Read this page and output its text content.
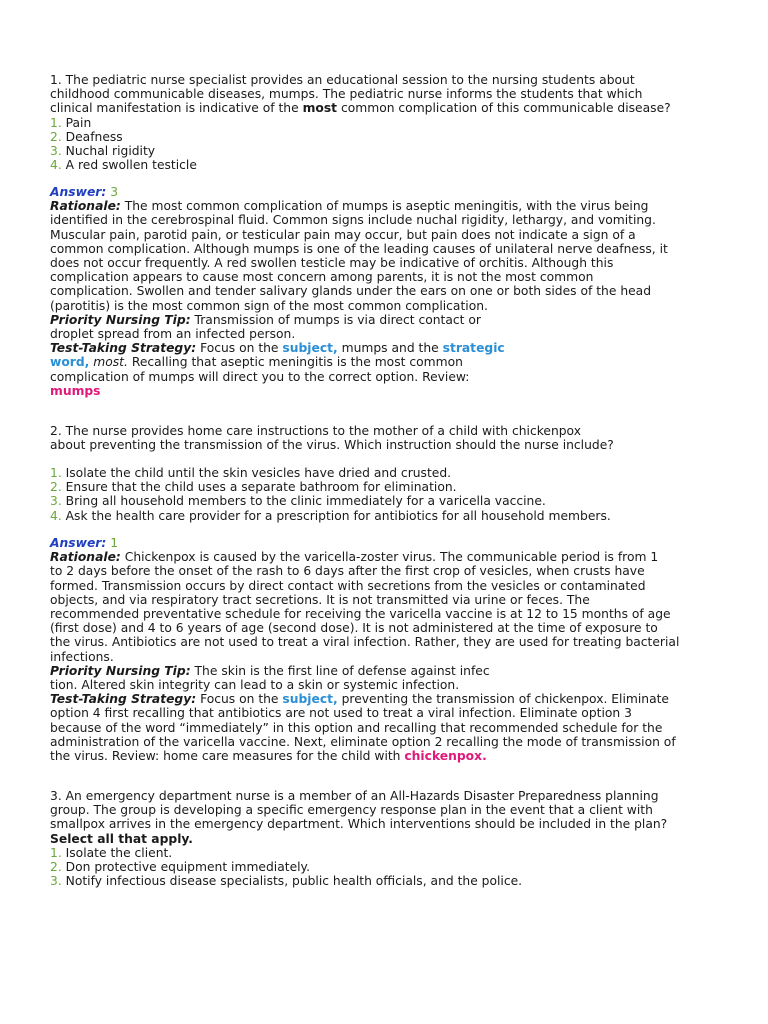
1. The pediatric nurse specialist provides an educational session to the nursing students about

childhood communicable diseases, mumps. The pediatric nurse informs the students that which

clinical manifestation is indicative of the most common complication of this communicable disease?

1. Pain

2. Deafness

3. Nuchal rigidity

4. A red swollen testicle

Answer: 3

Rationale: The most common complication of mumps is aseptic meningitis, with the virus being

identified in the cerebrospinal fluid. Common signs include nuchal rigidity, lethargy, and vomiting.

Muscular pain, parotid pain, or testicular pain may occur, but pain does not indicate a sign of a

common complication. Although mumps is one of the leading causes of unilateral nerve deafness, it

does not occur frequently. A red swollen testicle may be indicative of orchitis. Although this

complication appears to cause most concern among parents, it is not the most common

complication. Swollen and tender salivary glands under the ears on one or both sides of the head

(parotitis) is the most common sign of the most common complication.

Priority Nursing Tip: Transmission of mumps is via direct contact or

droplet spread from an infected person.

Test-Taking Strategy: Focus on the subject, mumps and the strategic

word, most. Recalling that aseptic meningitis is the most common

complication of mumps will direct you to the correct option. Review:

mumps

2. The nurse provides home care instructions to the mother of a child with chickenpox

about preventing the transmission of the virus. Which instruction should the nurse include?

1. Isolate the child until the skin vesicles have dried and crusted.

2. Ensure that the child uses a separate bathroom for elimination.

3. Bring all household members to the clinic immediately for a varicella vaccine.

4. Ask the health care provider for a prescription for antibiotics for all household members.

Answer: 1

Rationale: Chickenpox is caused by the varicella-zoster virus. The communicable period is from 1

to 2 days before the onset of the rash to 6 days after the first crop of vesicles, when crusts have

formed. Transmission occurs by direct contact with secretions from the vesicles or contaminated

objects, and via respiratory tract secretions. It is not transmitted via urine or feces. The

recommended preventative schedule for receiving the varicella vaccine is at 12 to 15 months of age

(first dose) and 4 to 6 years of age (second dose). It is not administered at the time of exposure to

the virus. Antibiotics are not used to treat a viral infection. Rather, they are used for treating bacterial

infections.

Priority Nursing Tip: The skin is the first line of defense against infec

tion. Altered skin integrity can lead to a skin or systemic infection.

Test-Taking Strategy: Focus on the subject, preventing the transmission of chickenpox. Eliminate

option 4 first recalling that antibiotics are not used to treat a viral infection. Eliminate option 3

because of the word “immediately” in this option and recalling that recommended schedule for the

administration of the varicella vaccine. Next, eliminate option 2 recalling the mode of transmission of

the virus. Review: home care measures for the child with chickenpox.

3. An emergency department nurse is a member of an All-Hazards Disaster Preparedness planning

group. The group is developing a specific emergency response plan in the event that a client with

smallpox arrives in the emergency department. Which interventions should be included in the plan?

Select all that apply.

1. Isolate the client.

2. Don protective equipment immediately.

3. Notify infectious disease specialists, public health officials, and the police.
